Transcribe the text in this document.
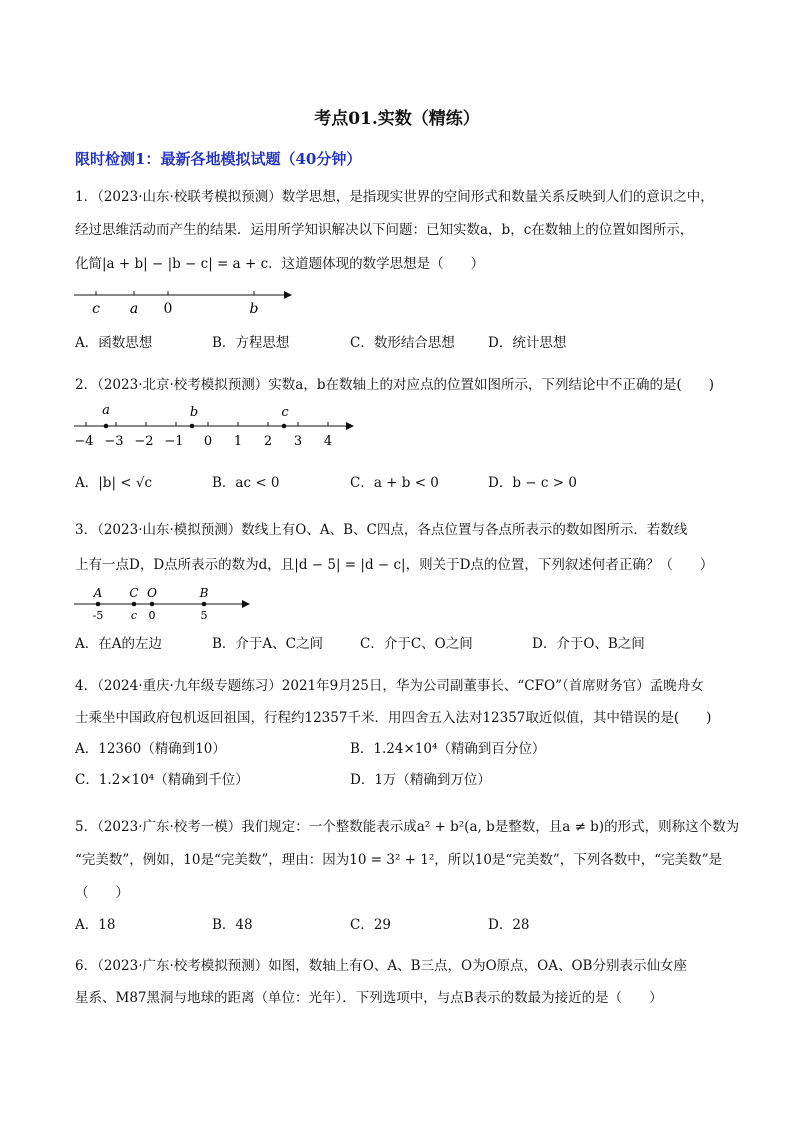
考点01.实数（精练）
限时检测1：最新各地模拟试题（40分钟）
1．（2023·山东·校联考模拟预测）数学思想，是指现实世界的空间形式和数量关系反映到人们的意识之中，
经过思维活动而产生的结果．运用所学知识解决以下问题：已知实数a，b，c在数轴上的位置如图所示，
化简|a + b| − |b − c| = a + c．这道题体现的数学思想是（　　）
c a 0	b
A．函数思想	B．方程思想	C．数形结合思想 D．统计思想
2．（2023·北京·校考模拟预测）实数a，b在数轴上的对应点的位置如图所示，下列结论中不正确的是(　　)
a	b	c
−4 −3 −2 −1 0 1 2 3 4
A．|b| < √c	B．ac < 0	C．a + b < 0	D．b − c > 0
3．（2023·山东·模拟预测）数线上有O、A、B、C四点，各点位置与各点所表示的数如图所示．若数线
上有一点D，D点所表示的数为d，且|d − 5| = |d − c|，则关于D点的位置，下列叙述何者正确？（　　）
A C O	B
-5	c 0	5
A．在A的左边	B．介于A、C之间	C．介于C、O之间	D．介于O、B之间
4．（2024·重庆·九年级专题练习）2021年9月25日，华为公司副董事长、“CFO”（首席财务官）孟晚舟女
士乘坐中国政府包机返回祖国，行程约12357千米．用四舍五入法对12357取近似值，其中错误的是(　　)
A．12360（精确到10）	B．1.24×10⁴（精确到百分位）
C．1.2×10⁴（精确到千位）	D．1万（精确到万位）
5．（2023·广东·校考一模）我们规定：一个整数能表示成a² + b²(a, b是整数，且a ≠ b)的形式，则称这个数为
“完美数”，例如，10是“完美数”，理由：因为10 = 3² + 1²，所以10是“完美数”，下列各数中，“完美数”是
（　　）
A．18	B．48	C．29	D．28
6．（2023·广东·校考模拟预测）如图，数轴上有O、A、B三点，O为O原点，OA、OB分别表示仙女座
星系、M87黑洞与地球的距离（单位：光年）．下列选项中，与点B表示的数最为接近的是（　　）
